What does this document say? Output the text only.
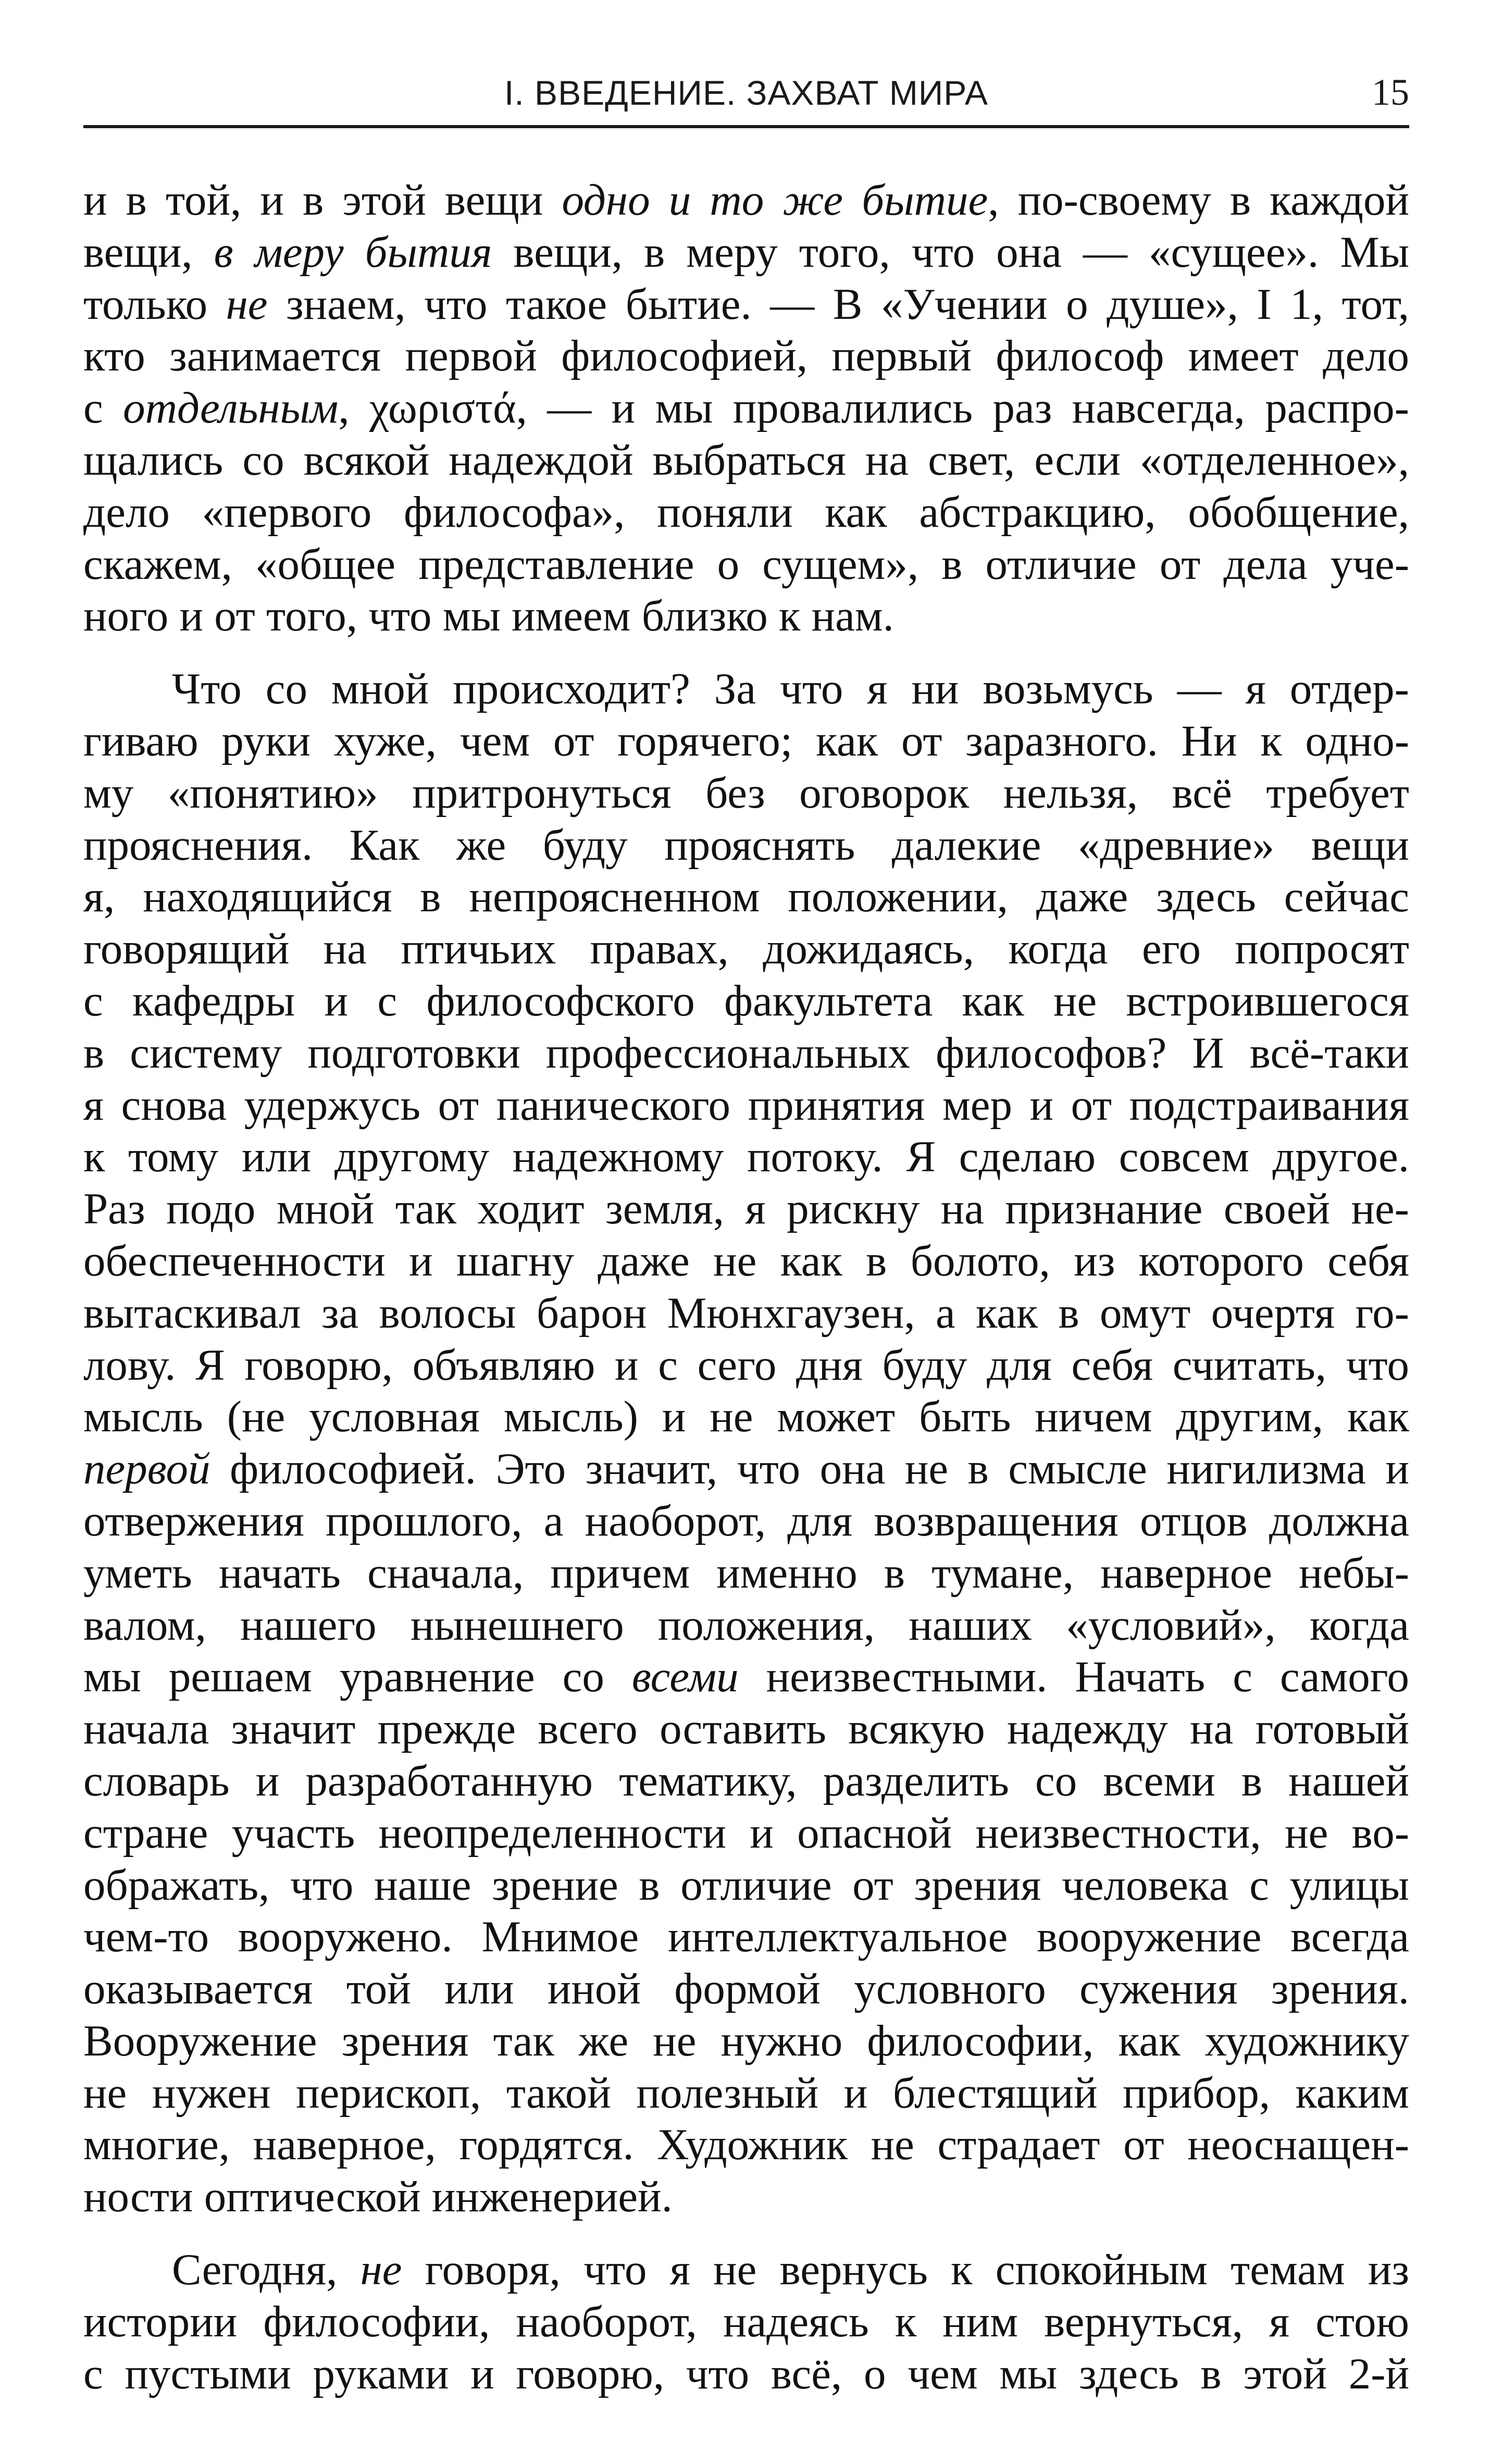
I. ВВЕДЕНИЕ. ЗАХВАТ МИРА	15
и в той, и в этой вещи одно и то же бытие, по-своему в каждой
вещи, в меру бытия вещи, в меру того, что она — «сущее». Мы
только не знаем, что такое бытие. — В «Учении о душе», I 1, тот,
кто занимается первой философией, первый философ имеет дело
с отдельным, χωριστά, — и мы провалились раз навсегда, распро-
щались со всякой надеждой выбраться на свет, если «отделенное»,
дело «первого философа», поняли как абстракцию, обобщение,
скажем, «общее представление о сущем», в отличие от дела уче-
ного и от того, что мы имеем близко к нам.
Что со мной происходит? За что я ни возьмусь — я отдер-
гиваю руки хуже, чем от горячего; как от заразного. Ни к одно-
му «понятию» притронуться без оговорок нельзя, всё требует
прояснения. Как же буду прояснять далекие «древние» вещи
я, находящийся в непроясненном положении, даже здесь сейчас
говорящий на птичьих правах, дожидаясь, когда его попросят
с кафедры и с философского факультета как не встроившегося
в систему подготовки профессиональных философов? И всё-таки
я снова удержусь от панического принятия мер и от подстраивания
к тому или другому надежному потоку. Я сделаю совсем другое.
Раз подо мной так ходит земля, я рискну на признание своей не-
обеспеченности и шагну даже не как в болото, из которого себя
вытаскивал за волосы барон Мюнхгаузен, а как в омут очертя го-
лову. Я говорю, объявляю и с сего дня буду для себя считать, что
мысль (не условная мысль) и не может быть ничем другим, как
первой философией. Это значит, что она не в смысле нигилизма и
отвержения прошлого, а наоборот, для возвращения отцов должна
уметь начать сначала, причем именно в тумане, наверное небы-
валом, нашего нынешнего положения, наших «условий», когда
мы решаем уравнение со всеми неизвестными. Начать с самого
начала значит прежде всего оставить всякую надежду на готовый
словарь и разработанную тематику, разделить со всеми в нашей
стране участь неопределенности и опасной неизвестности, не во-
ображать, что наше зрение в отличие от зрения человека с улицы
чем-то вооружено. Мнимое интеллектуальное вооружение всегда
оказывается той или иной формой условного сужения зрения.
Вооружение зрения так же не нужно философии, как художнику
не нужен перископ, такой полезный и блестящий прибор, каким
многие, наверное, гордятся. Художник не страдает от неоснащен-
ности оптической инженерией.
Сегодня, не говоря, что я не вернусь к спокойным темам из
истории философии, наоборот, надеясь к ним вернуться, я стою
с пустыми руками и говорю, что всё, о чем мы здесь в этой 2-й
